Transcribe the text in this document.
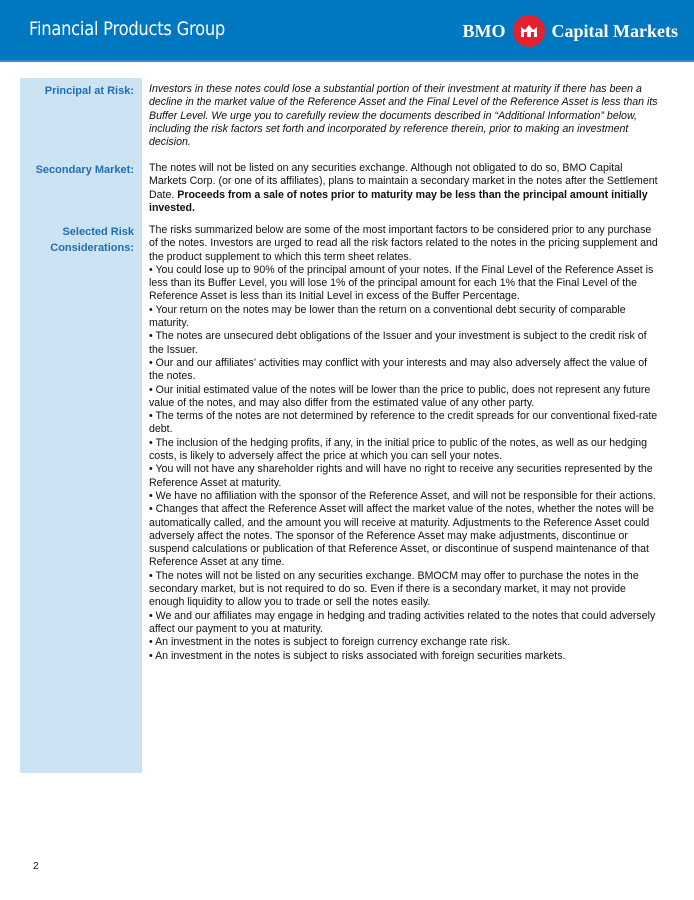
Financial Products Group	BMO	Capital Markets
Principal at Risk: Investors in these notes could lose a substantial portion of their investment at maturity if there has been a decline in the market value of the Reference Asset and the Final Level of the Reference Asset is less than its Buffer Level. We urge you to carefully review the documents described in “Additional Information” below, including the risk factors set forth and incorporated by reference therein, prior to making an investment decision.
Secondary Market: The notes will not be listed on any securities exchange. Although not obligated to do so, BMO Capital Markets Corp. (or one of its affiliates), plans to maintain a secondary market in the notes after the Settlement Date. Proceeds from a sale of notes prior to maturity may be less than the principal amount initially invested.
Selected Risk
Considerations:
The risks summarized below are some of the most important factors to be considered prior to any purchase of the notes. Investors are urged to read all the risk factors related to the notes in the pricing supplement and the product supplement to which this term sheet relates.
• You could lose up to 90% of the principal amount of your notes. If the Final Level of the Reference Asset is less than its Buffer Level, you will lose 1% of the principal amount for each 1% that the Final Level of the Reference Asset is less than its Initial Level in excess of the Buffer Percentage.
• Your return on the notes may be lower than the return on a conventional debt security of comparable maturity.
• The notes are unsecured debt obligations of the Issuer and your investment is subject to the credit risk of the Issuer.
• Our and our affiliates’ activities may conflict with your interests and may also adversely affect the value of the notes.
• Our initial estimated value of the notes will be lower than the price to public, does not represent any future value of the notes, and may also differ from the estimated value of any other party.
• The terms of the notes are not determined by reference to the credit spreads for our conventional fixed-rate debt.
• The inclusion of the hedging profits, if any, in the initial price to public of the notes, as well as our hedging costs, is likely to adversely affect the price at which you can sell your notes.
• You will not have any shareholder rights and will have no right to receive any securities represented by the Reference Asset at maturity.
• We have no affiliation with the sponsor of the Reference Asset, and will not be responsible for their actions.
• Changes that affect the Reference Asset will affect the market value of the notes, whether the notes will be automatically called, and the amount you will receive at maturity. Adjustments to the Reference Asset could adversely affect the notes. The sponsor of the Reference Asset may make adjustments, discontinue or suspend calculations or publication of that Reference Asset, or discontinue of suspend maintenance of that Reference Asset at any time.
• The notes will not be listed on any securities exchange. BMOCM may offer to purchase the notes in the secondary market, but is not required to do so. Even if there is a secondary market, it may not provide enough liquidity to allow you to trade or sell the notes easily.
• We and our affiliates may engage in hedging and trading activities related to the notes that could adversely affect our payment to you at maturity.
• An investment in the notes is subject to foreign currency exchange rate risk.
• An investment in the notes is subject to risks associated with foreign securities markets.
2
